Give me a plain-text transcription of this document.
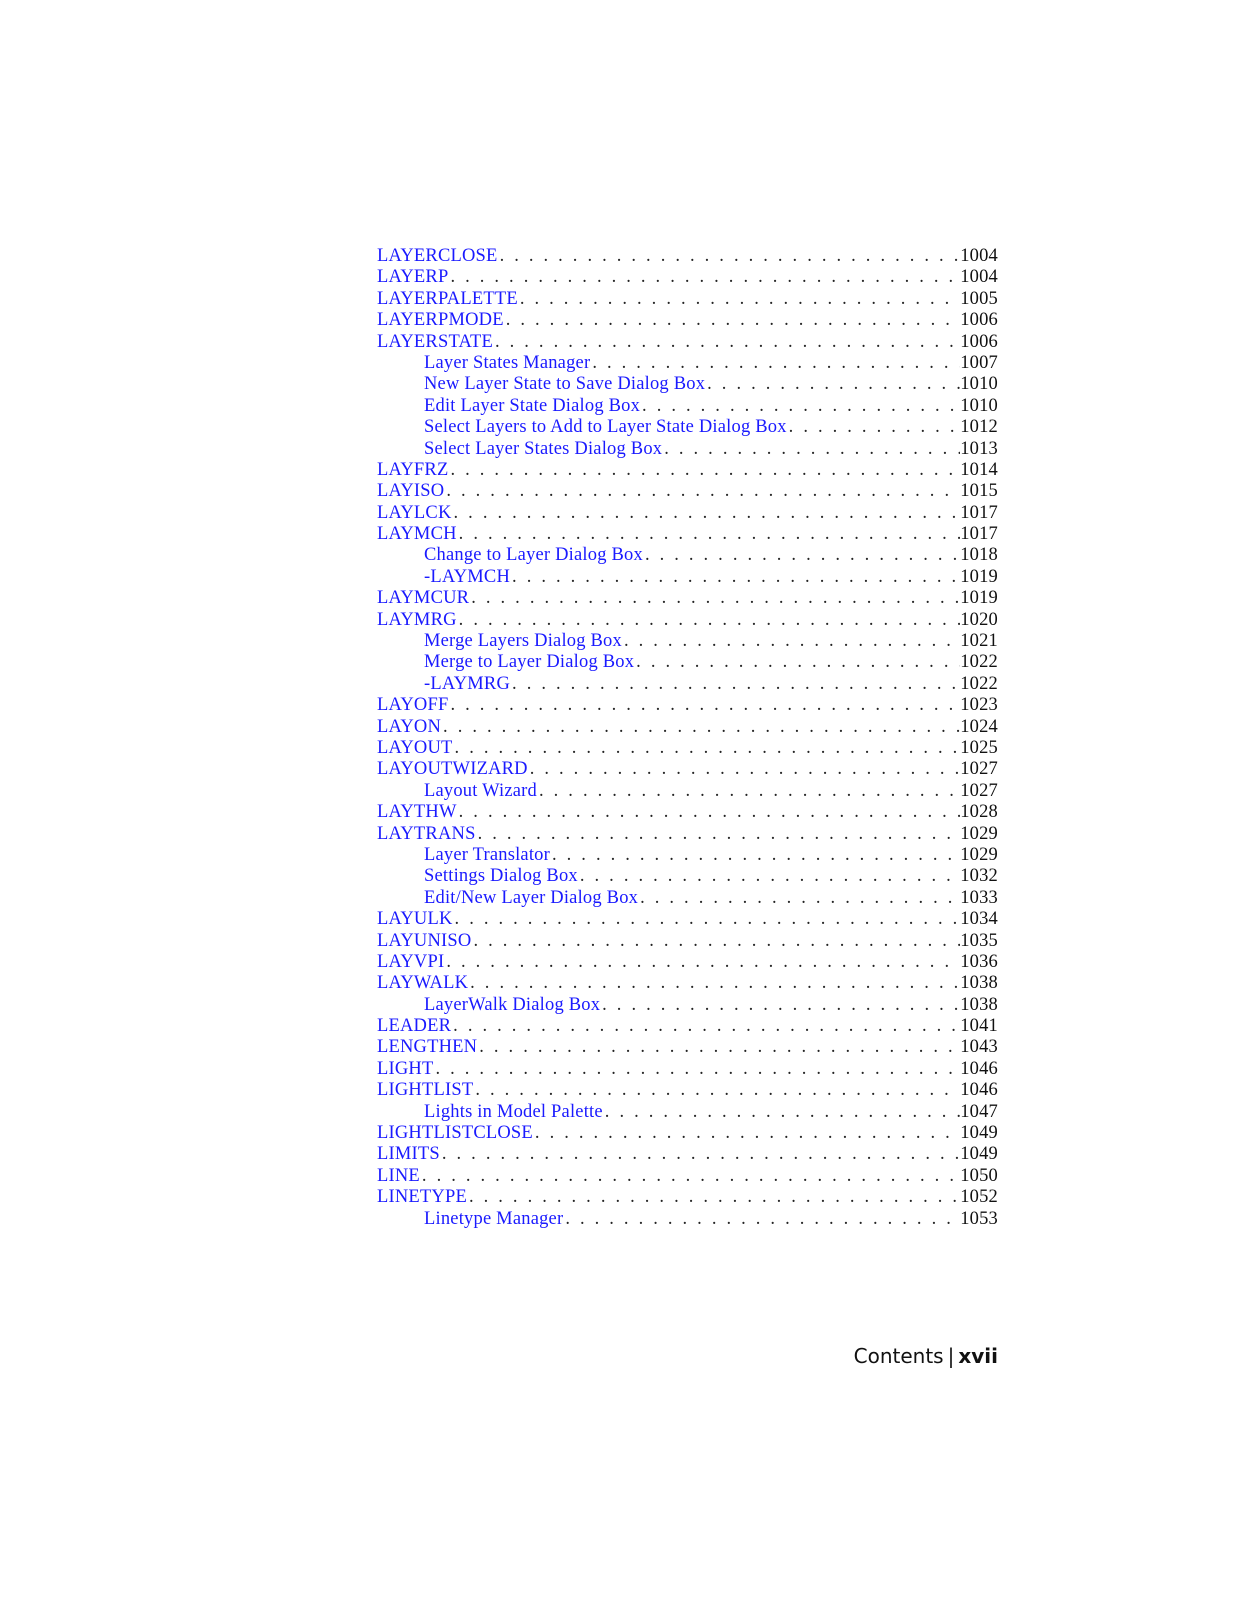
LAYERCLOSE . . .	1004
LAYERP . . .	1004
LAYERPALETTE . . .	1005
LAYERPMODE . . .	1006
LAYERSTATE . . .	1006
Layer States Manager . . .	1007
New Layer State to Save Dialog Box . . .	1010
Edit Layer State Dialog Box . . .	1010
Select Layers to Add to Layer State Dialog Box . . .	1012
Select Layer States Dialog Box . . .	1013
LAYFRZ . . .	1014
LAYISO . . .	1015
LAYLCK . . .	1017
LAYMCH . . .	1017
Change to Layer Dialog Box . . .	1018
-LAYMCH . . .	1019
LAYMCUR . . .	1019
LAYMRG . . .	1020
Merge Layers Dialog Box . . .	1021
Merge to Layer Dialog Box . . .	1022
-LAYMRG . . .	1022
LAYOFF . . .	1023
LAYON . . .	1024
LAYOUT . . .	1025
LAYOUTWIZARD . . .	1027
Layout Wizard . . .	1027
LAYTHW . . .	1028
LAYTRANS . . .	1029
Layer Translator . . .	1029
Settings Dialog Box . . .	1032
Edit/New Layer Dialog Box . . .	1033
LAYULK . . .	1034
LAYUNISO . . .	1035
LAYVPI . . .	1036
LAYWALK . . .	1038
LayerWalk Dialog Box . . .	1038
LEADER . . .	1041
LENGTHEN . . .	1043
LIGHT . . .	1046
LIGHTLIST . . .	1046
Lights in Model Palette . . .	1047
LIGHTLISTCLOSE . . .	1049
LIMITS . . .	1049
LINE . . .	1050
LINETYPE . . .	1052
Linetype Manager . . .	1053
Contents | xvii
